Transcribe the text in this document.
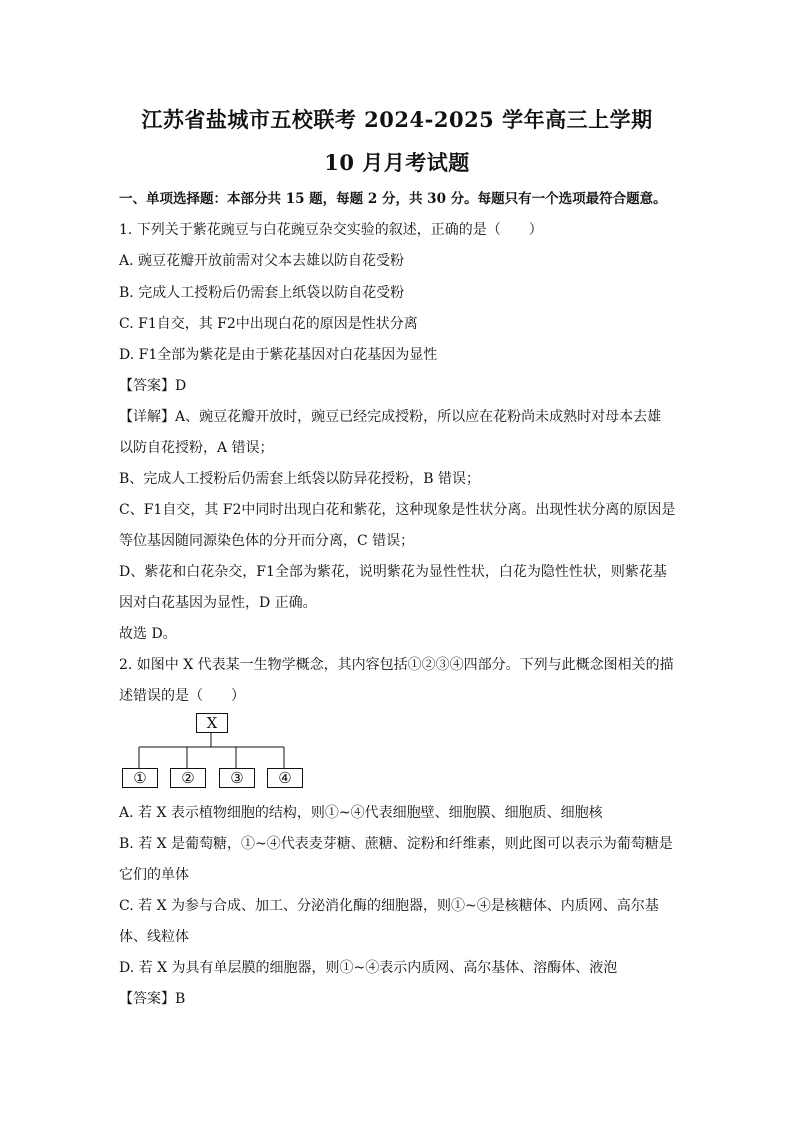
江苏省盐城市五校联考 2024-2025 学年高三上学期
10 月月考试题
一、单项选择题：本部分共 15 题，每题 2 分，共 30 分。每题只有一个选项最符合题意。
1. 下列关于紫花豌豆与白花豌豆杂交实验的叙述，正确的是（　　）
A. 豌豆花瓣开放前需对父本去雄以防自花受粉
B. 完成人工授粉后仍需套上纸袋以防自花受粉
C. F1自交，其 F2中出现白花的原因是性状分离
D. F1全部为紫花是由于紫花基因对白花基因为显性
【答案】D
【详解】A、豌豆花瓣开放时，豌豆已经完成授粉，所以应在花粉尚未成熟时对母本去雄
以防自花授粉，A 错误；
B、完成人工授粉后仍需套上纸袋以防异花授粉，B 错误；
C、F1自交，其 F2中同时出现白花和紫花，这种现象是性状分离。出现性状分离的原因是
等位基因随同源染色体的分开而分离，C 错误；
D、紫花和白花杂交，F1全部为紫花，说明紫花为显性性状，白花为隐性性状，则紫花基
因对白花基因为显性，D 正确。
故选 D。
2. 如图中 X 代表某一生物学概念，其内容包括①②③④四部分。下列与此概念图相关的描
述错误的是（　　）
X
①	②	③	④
A. 若 X 表示植物细胞的结构，则①~④代表细胞壁、细胞膜、细胞质、细胞核
B. 若 X 是葡萄糖，①~④代表麦芽糖、蔗糖、淀粉和纤维素，则此图可以表示为葡萄糖是
它们的单体
C. 若 X 为参与合成、加工、分泌消化酶的细胞器，则①~④是核糖体、内质网、高尔基
体、线粒体
D. 若 X 为具有单层膜的细胞器，则①~④表示内质网、高尔基体、溶酶体、液泡
【答案】B
